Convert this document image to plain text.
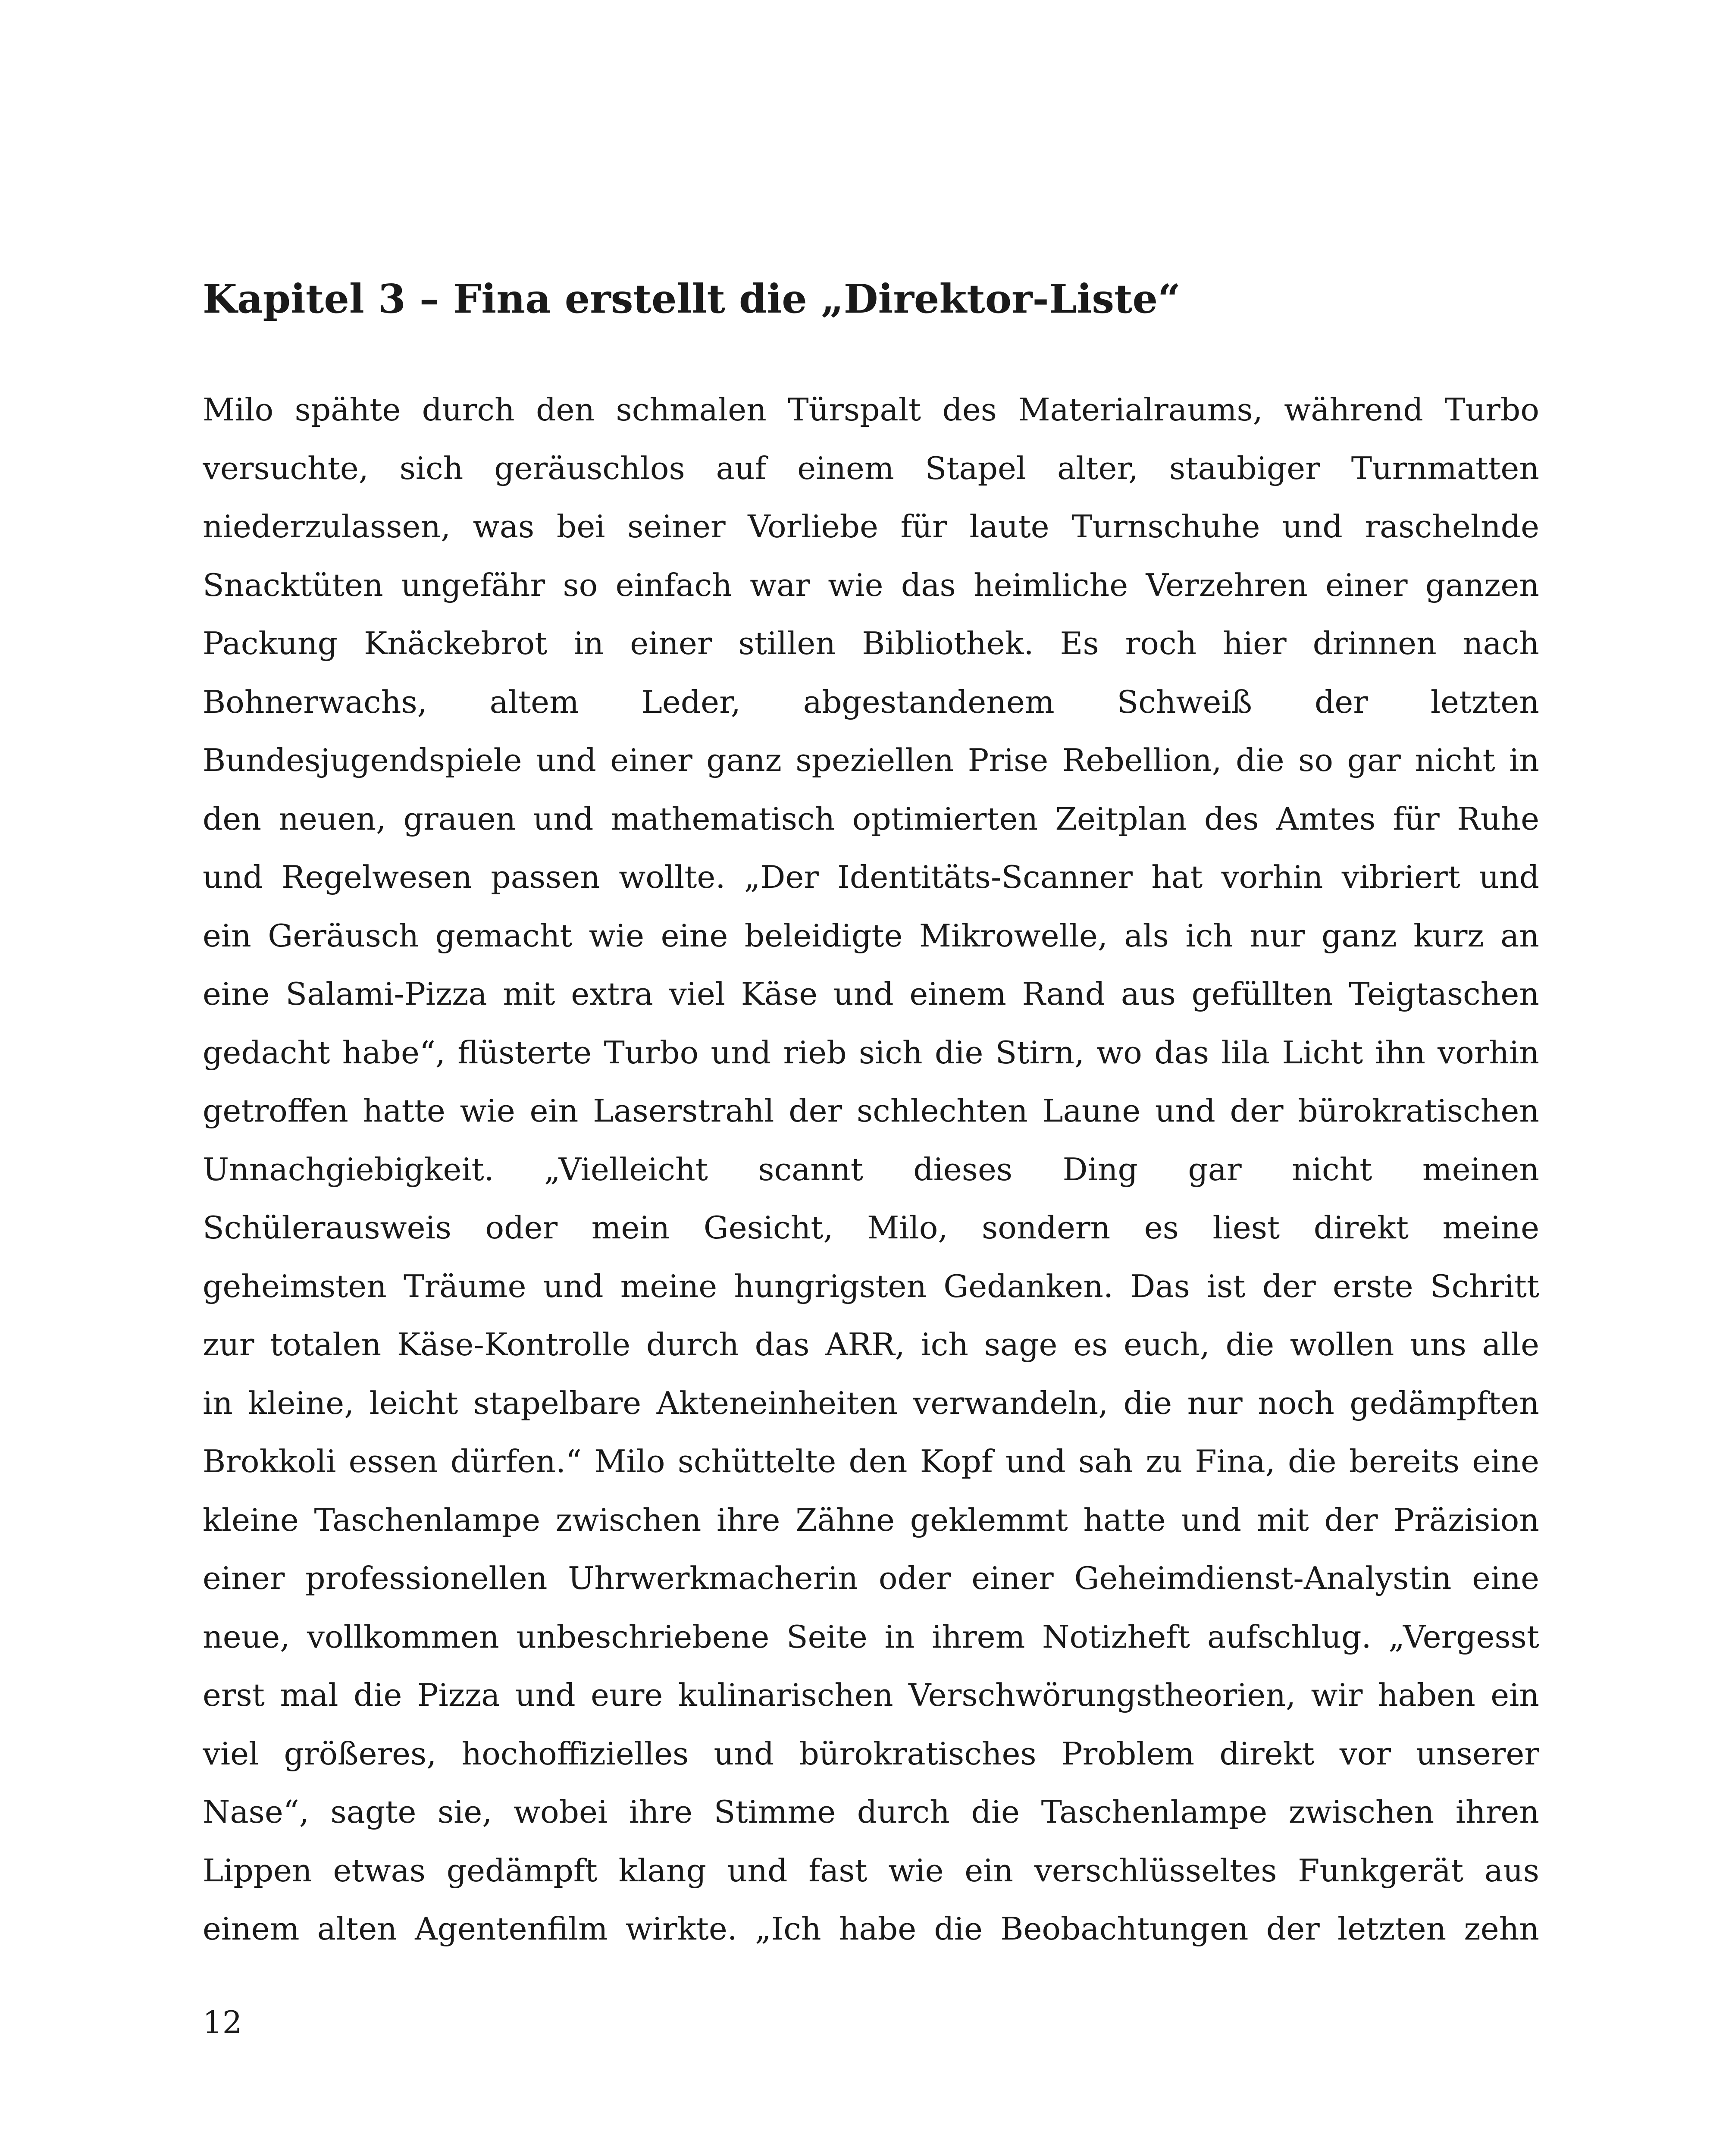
Kapitel 3 – Fina erstellt die „Direktor-Liste“
Milo spähte durch den schmalen Türspalt des Materialraums, während Turbo
versuchte, sich geräuschlos auf einem Stapel alter, staubiger Turnmatten
niederzulassen, was bei seiner Vorliebe für laute Turnschuhe und raschelnde
Snacktüten ungefähr so einfach war wie das heimliche Verzehren einer ganzen
Packung Knäckebrot in einer stillen Bibliothek. Es roch hier drinnen nach
Bohnerwachs, altem Leder, abgestandenem Schweiß der letzten
Bundesjugendspiele und einer ganz speziellen Prise Rebellion, die so gar nicht in
den neuen, grauen und mathematisch optimierten Zeitplan des Amtes für Ruhe
und Regelwesen passen wollte. „Der Identitäts-Scanner hat vorhin vibriert und
ein Geräusch gemacht wie eine beleidigte Mikrowelle, als ich nur ganz kurz an
eine Salami-Pizza mit extra viel Käse und einem Rand aus gefüllten Teigtaschen
gedacht habe“, flüsterte Turbo und rieb sich die Stirn, wo das lila Licht ihn vorhin
getroffen hatte wie ein Laserstrahl der schlechten Laune und der bürokratischen
Unnachgiebigkeit. „Vielleicht scannt dieses Ding gar nicht meinen
Schülerausweis oder mein Gesicht, Milo, sondern es liest direkt meine
geheimsten Träume und meine hungrigsten Gedanken. Das ist der erste Schritt
zur totalen Käse-Kontrolle durch das ARR, ich sage es euch, die wollen uns alle
in kleine, leicht stapelbare Akteneinheiten verwandeln, die nur noch gedämpften
Brokkoli essen dürfen.“ Milo schüttelte den Kopf und sah zu Fina, die bereits eine
kleine Taschenlampe zwischen ihre Zähne geklemmt hatte und mit der Präzision
einer professionellen Uhrwerkmacherin oder einer Geheimdienst-Analystin eine
neue, vollkommen unbeschriebene Seite in ihrem Notizheft aufschlug. „Vergesst
erst mal die Pizza und eure kulinarischen Verschwörungstheorien, wir haben ein
viel größeres, hochoffizielles und bürokratisches Problem direkt vor unserer
Nase“, sagte sie, wobei ihre Stimme durch die Taschenlampe zwischen ihren
Lippen etwas gedämpft klang und fast wie ein verschlüsseltes Funkgerät aus
einem alten Agentenfilm wirkte. „Ich habe die Beobachtungen der letzten zehn

12
